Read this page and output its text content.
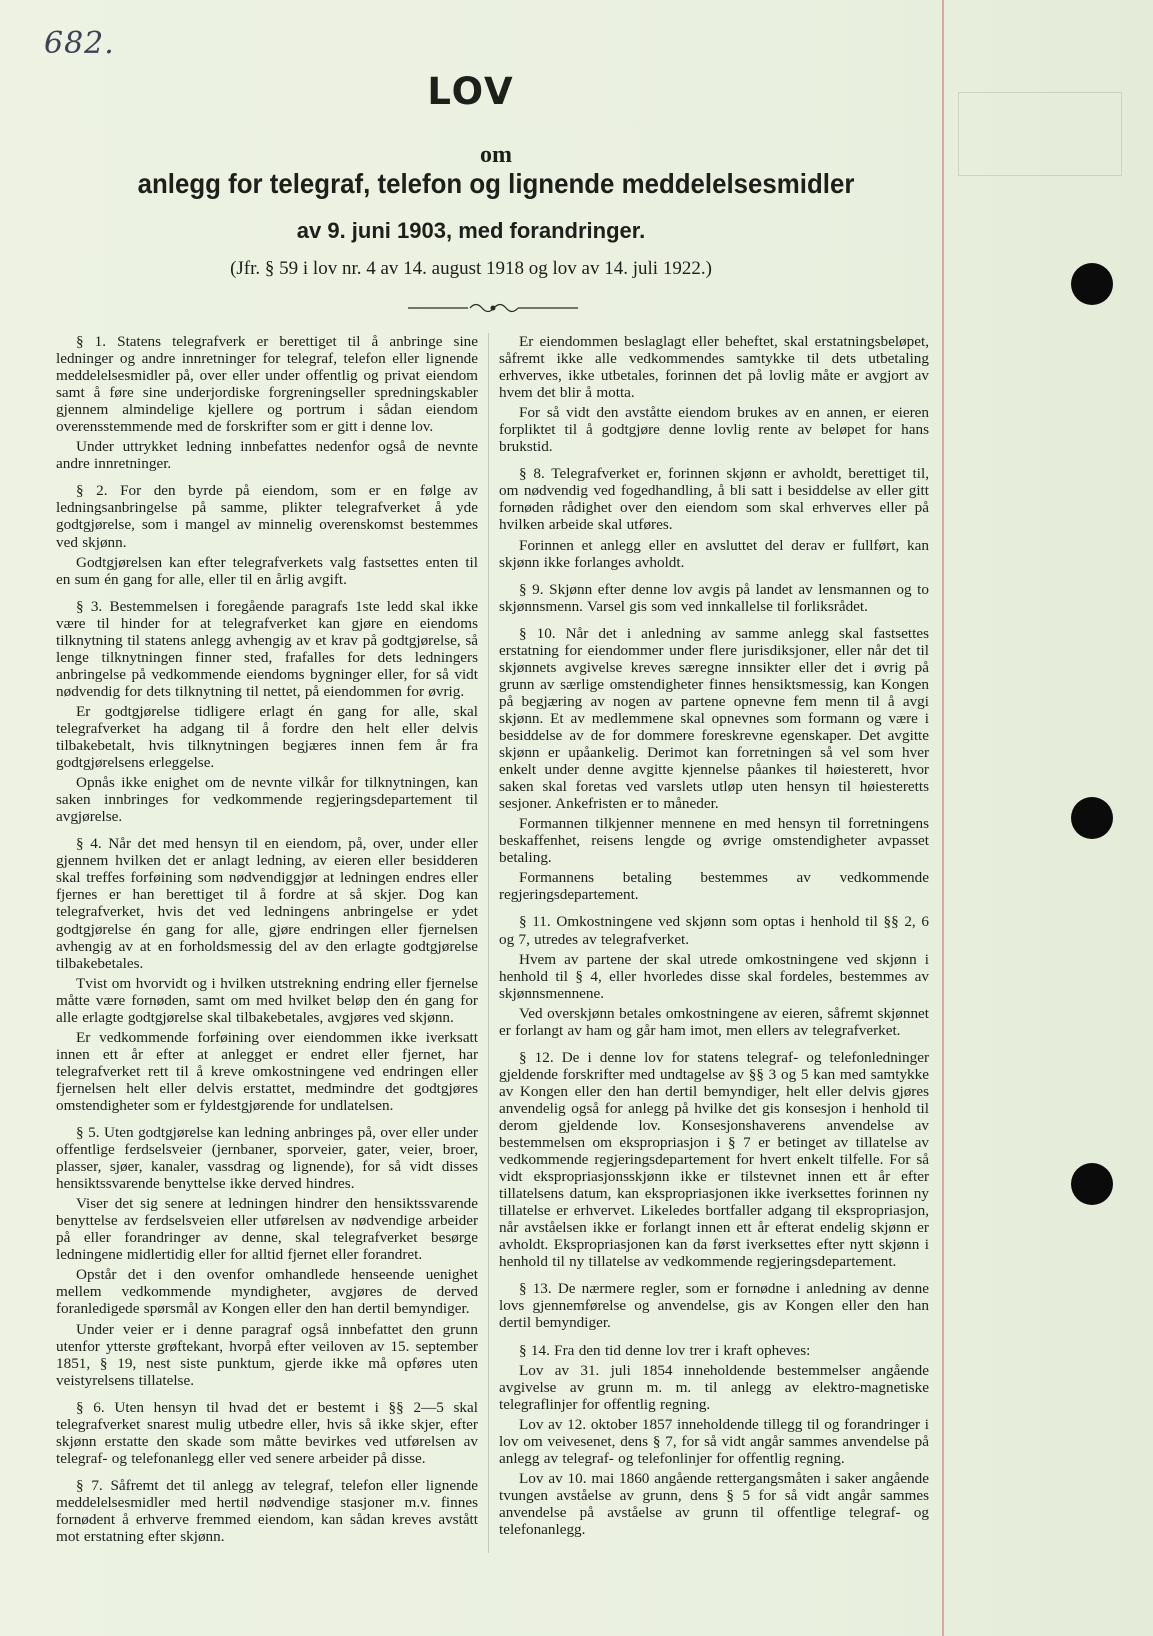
682.
LOV
om
anlegg for telegraf, telefon og lignende meddelelsesmidler
av 9. juni 1903, med forandringer.
(Jfr. § 59 i lov nr. 4 av 14. august 1918 og lov av 14. juli 1922.)

§ 1. Statens telegrafverk er berettiget til å anbringe sine ledninger og andre innretninger for telegraf, telefon eller lignende meddelelsesmidler på, over eller under offentlig og privat eiendom samt å føre sine underjordiske forgreningseller spredningskabler gjennem almindelige kjellere og portrum i sådan eiendom overensstemmende med de forskrifter som er gitt i denne lov.

Under uttrykket ledning innbefattes nedenfor også de nevnte andre innretninger.

§ 2. For den byrde på eiendom, som er en følge av ledningsanbringelse på samme, plikter telegrafverket å yde godtgjørelse, som i mangel av minnelig overenskomst bestemmes ved skjønn.

Godtgjørelsen kan efter telegrafverkets valg fastsettes enten til en sum én gang for alle, eller til en årlig avgift.

§ 3. Bestemmelsen i foregående paragrafs 1ste ledd skal ikke være til hinder for at telegrafverket kan gjøre en eiendoms tilknytning til statens anlegg avhengig av et krav på godtgjørelse, så lenge tilknytningen finner sted, frafalles for dets ledningers anbringelse på vedkommende eiendoms bygninger eller, for så vidt nødvendig for dets tilknytning til nettet, på eiendommen for øvrig.

Er godtgjørelse tidligere erlagt én gang for alle, skal telegrafverket ha adgang til å fordre den helt eller delvis tilbakebetalt, hvis tilknytningen begjæres innen fem år fra godtgjørelsens erleggelse.

Opnås ikke enighet om de nevnte vilkår for tilknytningen, kan saken innbringes for vedkommende regjeringsdepartement til avgjørelse.

§ 4. Når det med hensyn til en eiendom, på, over, under eller gjennem hvilken det er anlagt ledning, av eieren eller besidderen skal treffes forføining som nødvendiggjør at ledningen endres eller fjernes er han berettiget til å fordre at så skjer. Dog kan telegrafverket, hvis det ved ledningens anbringelse er ydet godtgjørelse én gang for alle, gjøre endringen eller fjernelsen avhengig av at en forholdsmessig del av den erlagte godtgjørelse tilbakebetales.

Tvist om hvorvidt og i hvilken utstrekning endring eller fjernelse måtte være fornøden, samt om med hvilket beløp den én gang for alle erlagte godtgjørelse skal tilbakebetales, avgjøres ved skjønn.

Er vedkommende forføining over eiendommen ikke iverksatt innen ett år efter at anlegget er endret eller fjernet, har telegrafverket rett til å kreve omkostningene ved endringen eller fjernelsen helt eller delvis erstattet, medmindre det godtgjøres omstendigheter som er fyldestgjørende for undlatelsen.

§ 5. Uten godtgjørelse kan ledning anbringes på, over eller under offentlige ferdselsveier (jernbaner, sporveier, gater, veier, broer, plasser, sjøer, kanaler, vassdrag og lignende), for så vidt disses hensiktssvarende benyttelse ikke derved hindres.

Viser det sig senere at ledningen hindrer den hensiktssvarende benyttelse av ferdselsveien eller utførelsen av nødvendige arbeider på eller forandringer av denne, skal telegrafverket besørge ledningene midlertidig eller for alltid fjernet eller forandret.

Opstår det i den ovenfor omhandlede henseende uenighet mellem vedkommende myndigheter, avgjøres de derved foranledigede spørsmål av Kongen eller den han dertil bemyndiger.

Under veier er i denne paragraf også innbefattet den grunn utenfor ytterste grøftekant, hvorpå efter veiloven av 15. september 1851, § 19, nest siste punktum, gjerde ikke må opføres uten veistyrelsens tillatelse.

§ 6. Uten hensyn til hvad det er bestemt i §§ 2—5 skal telegrafverket snarest mulig utbedre eller, hvis så ikke skjer, efter skjønn erstatte den skade som måtte bevirkes ved utførelsen av telegraf- og telefonanlegg eller ved senere arbeider på disse.

§ 7. Såfremt det til anlegg av telegraf, telefon eller lignende meddelelsesmidler med hertil nødvendige stasjoner m.v. finnes fornødent å erhverve fremmed eiendom, kan sådan kreves avstått mot erstatning efter skjønn.

Er eiendommen beslaglagt eller beheftet, skal erstatningsbeløpet, såfremt ikke alle vedkommendes samtykke til dets utbetaling erhverves, ikke utbetales, forinnen det på lovlig måte er avgjort av hvem det blir å motta.

For så vidt den avståtte eiendom brukes av en annen, er eieren forpliktet til å godtgjøre denne lovlig rente av beløpet for hans brukstid.

§ 8. Telegrafverket er, forinnen skjønn er avholdt, berettiget til, om nødvendig ved fogedhandling, å bli satt i besiddelse av eller gitt fornøden rådighet over den eiendom som skal erhverves eller på hvilken arbeide skal utføres.

Forinnen et anlegg eller en avsluttet del derav er fullført, kan skjønn ikke forlanges avholdt.

§ 9. Skjønn efter denne lov avgis på landet av lensmannen og to skjønnsmenn. Varsel gis som ved innkallelse til forliksrådet.

§ 10. Når det i anledning av samme anlegg skal fastsettes erstatning for eiendommer under flere jurisdiksjoner, eller når det til skjønnets avgivelse kreves særegne innsikter eller det i øvrig på grunn av særlige omstendigheter finnes hensiktsmessig, kan Kongen på begjæring av nogen av partene opnevne fem menn til å avgi skjønn. Et av medlemmene skal opnevnes som formann og være i besiddelse av de for dommere foreskrevne egenskaper. Det avgitte skjønn er upåankelig. Derimot kan forretningen så vel som hver enkelt under denne avgitte kjennelse påankes til høiesterett, hvor saken skal foretas ved varslets utløp uten hensyn til høiesteretts sesjoner. Ankefristen er to måneder.

Formannen tilkjenner mennene en med hensyn til forretningens beskaffenhet, reisens lengde og øvrige omstendigheter avpasset betaling.

Formannens betaling bestemmes av vedkommende regjeringsdepartement.

§ 11. Omkostningene ved skjønn som optas i henhold til §§ 2, 6 og 7, utredes av telegrafverket.

Hvem av partene der skal utrede omkostningene ved skjønn i henhold til § 4, eller hvorledes disse skal fordeles, bestemmes av skjønnsmennene.

Ved overskjønn betales omkostningene av eieren, såfremt skjønnet er forlangt av ham og går ham imot, men ellers av telegrafverket.

§ 12. De i denne lov for statens telegraf- og telefonledninger gjeldende forskrifter med undtagelse av §§ 3 og 5 kan med samtykke av Kongen eller den han dertil bemyndiger, helt eller delvis gjøres anvendelig også for anlegg på hvilke det gis konsesjon i henhold til derom gjeldende lov. Konsesjonshaverens anvendelse av bestemmelsen om ekspropriasjon i § 7 er betinget av tillatelse av vedkommende regjeringsdepartement for hvert enkelt tilfelle. For så vidt ekspropriasjonsskjønn ikke er tilstevnet innen ett år efter tillatelsens datum, kan ekspropriasjonen ikke iverksettes forinnen ny tillatelse er erhvervet. Likeledes bortfaller adgang til ekspropriasjon, når avståelsen ikke er forlangt innen ett år efterat endelig skjønn er avholdt. Ekspropriasjonen kan da først iverksettes efter nytt skjønn i henhold til ny tillatelse av vedkommende regjeringsdepartement.

§ 13. De nærmere regler, som er fornødne i anledning av denne lovs gjennemførelse og anvendelse, gis av Kongen eller den han dertil bemyndiger.

§ 14. Fra den tid denne lov trer i kraft opheves:

Lov av 31. juli 1854 inneholdende bestemmelser angående avgivelse av grunn m. m. til anlegg av elektro-magnetiske telegraflinjer for offentlig regning.

Lov av 12. oktober 1857 inneholdende tillegg til og forandringer i lov om veivesenet, dens § 7, for så vidt angår sammes anvendelse på anlegg av telegraf- og telefonlinjer for offentlig regning.

Lov av 10. mai 1860 angående rettergangsmåten i saker angående tvungen avståelse av grunn, dens § 5 for så vidt angår sammes anvendelse på avståelse av grunn til offentlige telegraf- og telefonanlegg.
